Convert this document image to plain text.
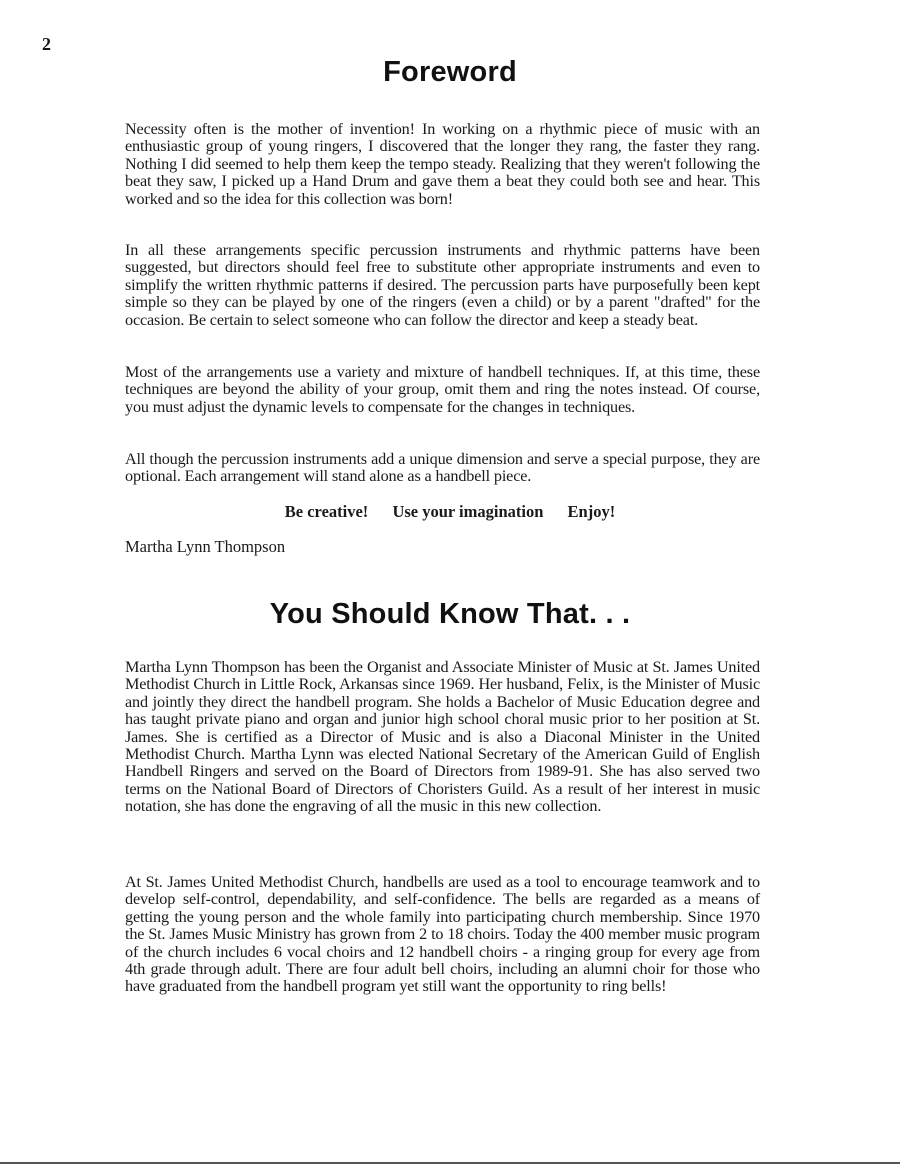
2
Foreword

Necessity often is the mother of invention! In working on a rhythmic piece of music with an enthusiastic group of young ringers, I discovered that the longer they rang, the faster they rang. Nothing I did seemed to help them keep the tempo steady. Realizing that they weren't following the beat they saw, I picked up a Hand Drum and gave them a beat they could both see and hear. This worked and so the idea for this collection was born!

In all these arrangements specific percussion instruments and rhythmic patterns have been suggested, but directors should feel free to substitute other appropriate instruments and even to simplify the written rhythmic patterns if desired. The percussion parts have purposefully been kept simple so they can be played by one of the ringers (even a child) or by a parent "drafted" for the occasion. Be certain to select someone who can follow the director and keep a steady beat.

Most of the arrangements use a variety and mixture of handbell techniques. If, at this time, these techniques are beyond the ability of your group, omit them and ring the notes instead. Of course, you must adjust the dynamic levels to compensate for the changes in techniques.

All though the percussion instruments add a unique dimension and serve a special purpose, they are optional. Each arrangement will stand alone as a handbell piece.

Be creative! Use your imagination Enjoy!
Martha Lynn Thompson
You Should Know That. . .

Martha Lynn Thompson has been the Organist and Associate Minister of Music at St. James United Methodist Church in Little Rock, Arkansas since 1969. Her husband, Felix, is the Minister of Music and jointly they direct the handbell program. She holds a Bachelor of Music Education degree and has taught private piano and organ and junior high school choral music prior to her position at St. James. She is certified as a Director of Music and is also a Diaconal Minister in the United Methodist Church. Martha Lynn was elected National Secretary of the American Guild of English Handbell Ringers and served on the Board of Directors from 1989-91. She has also served two terms on the National Board of Directors of Choristers Guild. As a result of her interest in music notation, she has done the engraving of all the music in this new collection.

At St. James United Methodist Church, handbells are used as a tool to encourage teamwork and to develop self-control, dependability, and self-confidence. The bells are regarded as a means of getting the young person and the whole family into participating church membership. Since 1970 the St. James Music Ministry has grown from 2 to 18 choirs. Today the 400 member music program of the church includes 6 vocal choirs and 12 handbell choirs - a ringing group for every age from 4th grade through adult. There are four adult bell choirs, including an alumni choir for those who have graduated from the handbell program yet still want the opportunity to ring bells!
